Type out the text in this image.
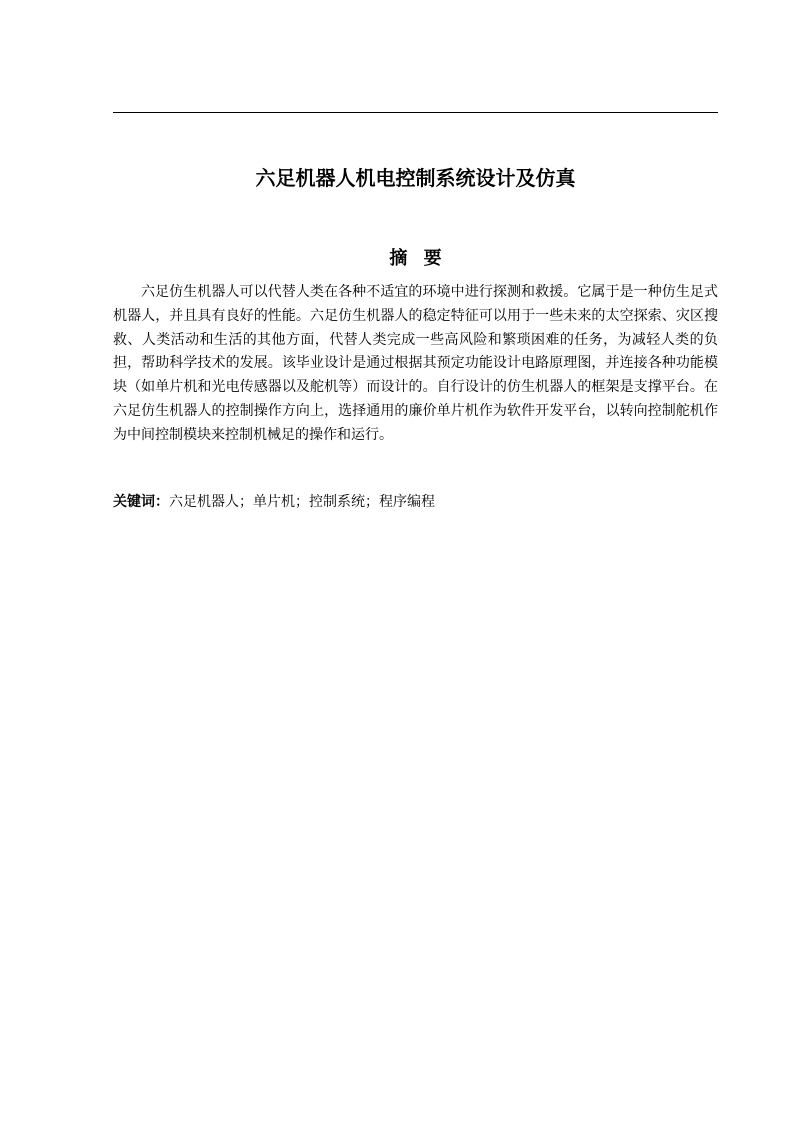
六足机器人机电控制系统设计及仿真
摘要

六足仿生机器人可以代替人类在各种不适宜的环境中进行探测和救援。它属于是一种仿生足式机器人，并且具有良好的性能。六足仿生机器人的稳定特征可以用于一些未来的太空探索、灾区搜救、人类活动和生活的其他方面，代替人类完成一些高风险和繁琐困难的任务，为减轻人类的负担，帮助科学技术的发展。该毕业设计是通过根据其预定功能设计电路原理图，并连接各种功能模块（如单片机和光电传感器以及舵机等）而设计的。自行设计的仿生机器人的框架是支撑平台。在六足仿生机器人的控制操作方向上，选择通用的廉价单片机作为软件开发平台，以转向控制舵机作为中间控制模块来控制机械足的操作和运行。

关键词：六足机器人；单片机；控制系统；程序编程
